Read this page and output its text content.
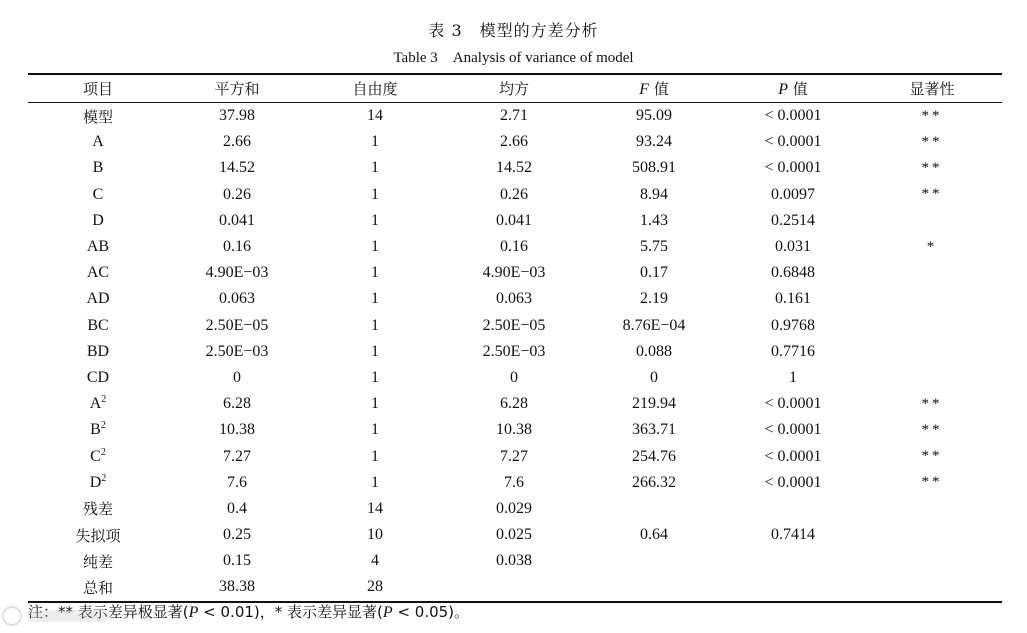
表 3　模型的方差分析
Table 3　Analysis of variance of model
项目	平方和	自由度	均方	F 值	P 值	显著性
模型	37.98	14	2.71	95.09	< 0.0001	**
A	2.66	1	2.66	93.24	< 0.0001	**
B	14.52	1	14.52	508.91	< 0.0001	**
C	0.26	1	0.26	8.94	0.0097	**
D	0.041	1	0.041	1.43	0.2514	
AB	0.16	1	0.16	5.75	0.031	*
AC	4.90E−03	1	4.90E−03	0.17	0.6848	
AD	0.063	1	0.063	2.19	0.161	
BC	2.50E−05	1	2.50E−05	8.76E−04	0.9768	
BD	2.50E−03	1	2.50E−03	0.088	0.7716	
CD	0	1	0	0	1	
$A^2$	6.28	1	6.28	219.94	< 0.0001	**
$B^2$	10.38	1	10.38	363.71	< 0.0001	**
$C^2$	7.27	1	7.27	254.76	< 0.0001	**
$D^2$	7.6	1	7.6	266.32	< 0.0001	**
残差	0.4	14	0.029			
失拟项	0.25	10	0.025	0.64	0.7414	
纯差	0.15	4	0.038			
总和	38.38	28				
注：** 表示差异极显著(P < 0.01)，* 表示差异显著(P < 0.05)。
